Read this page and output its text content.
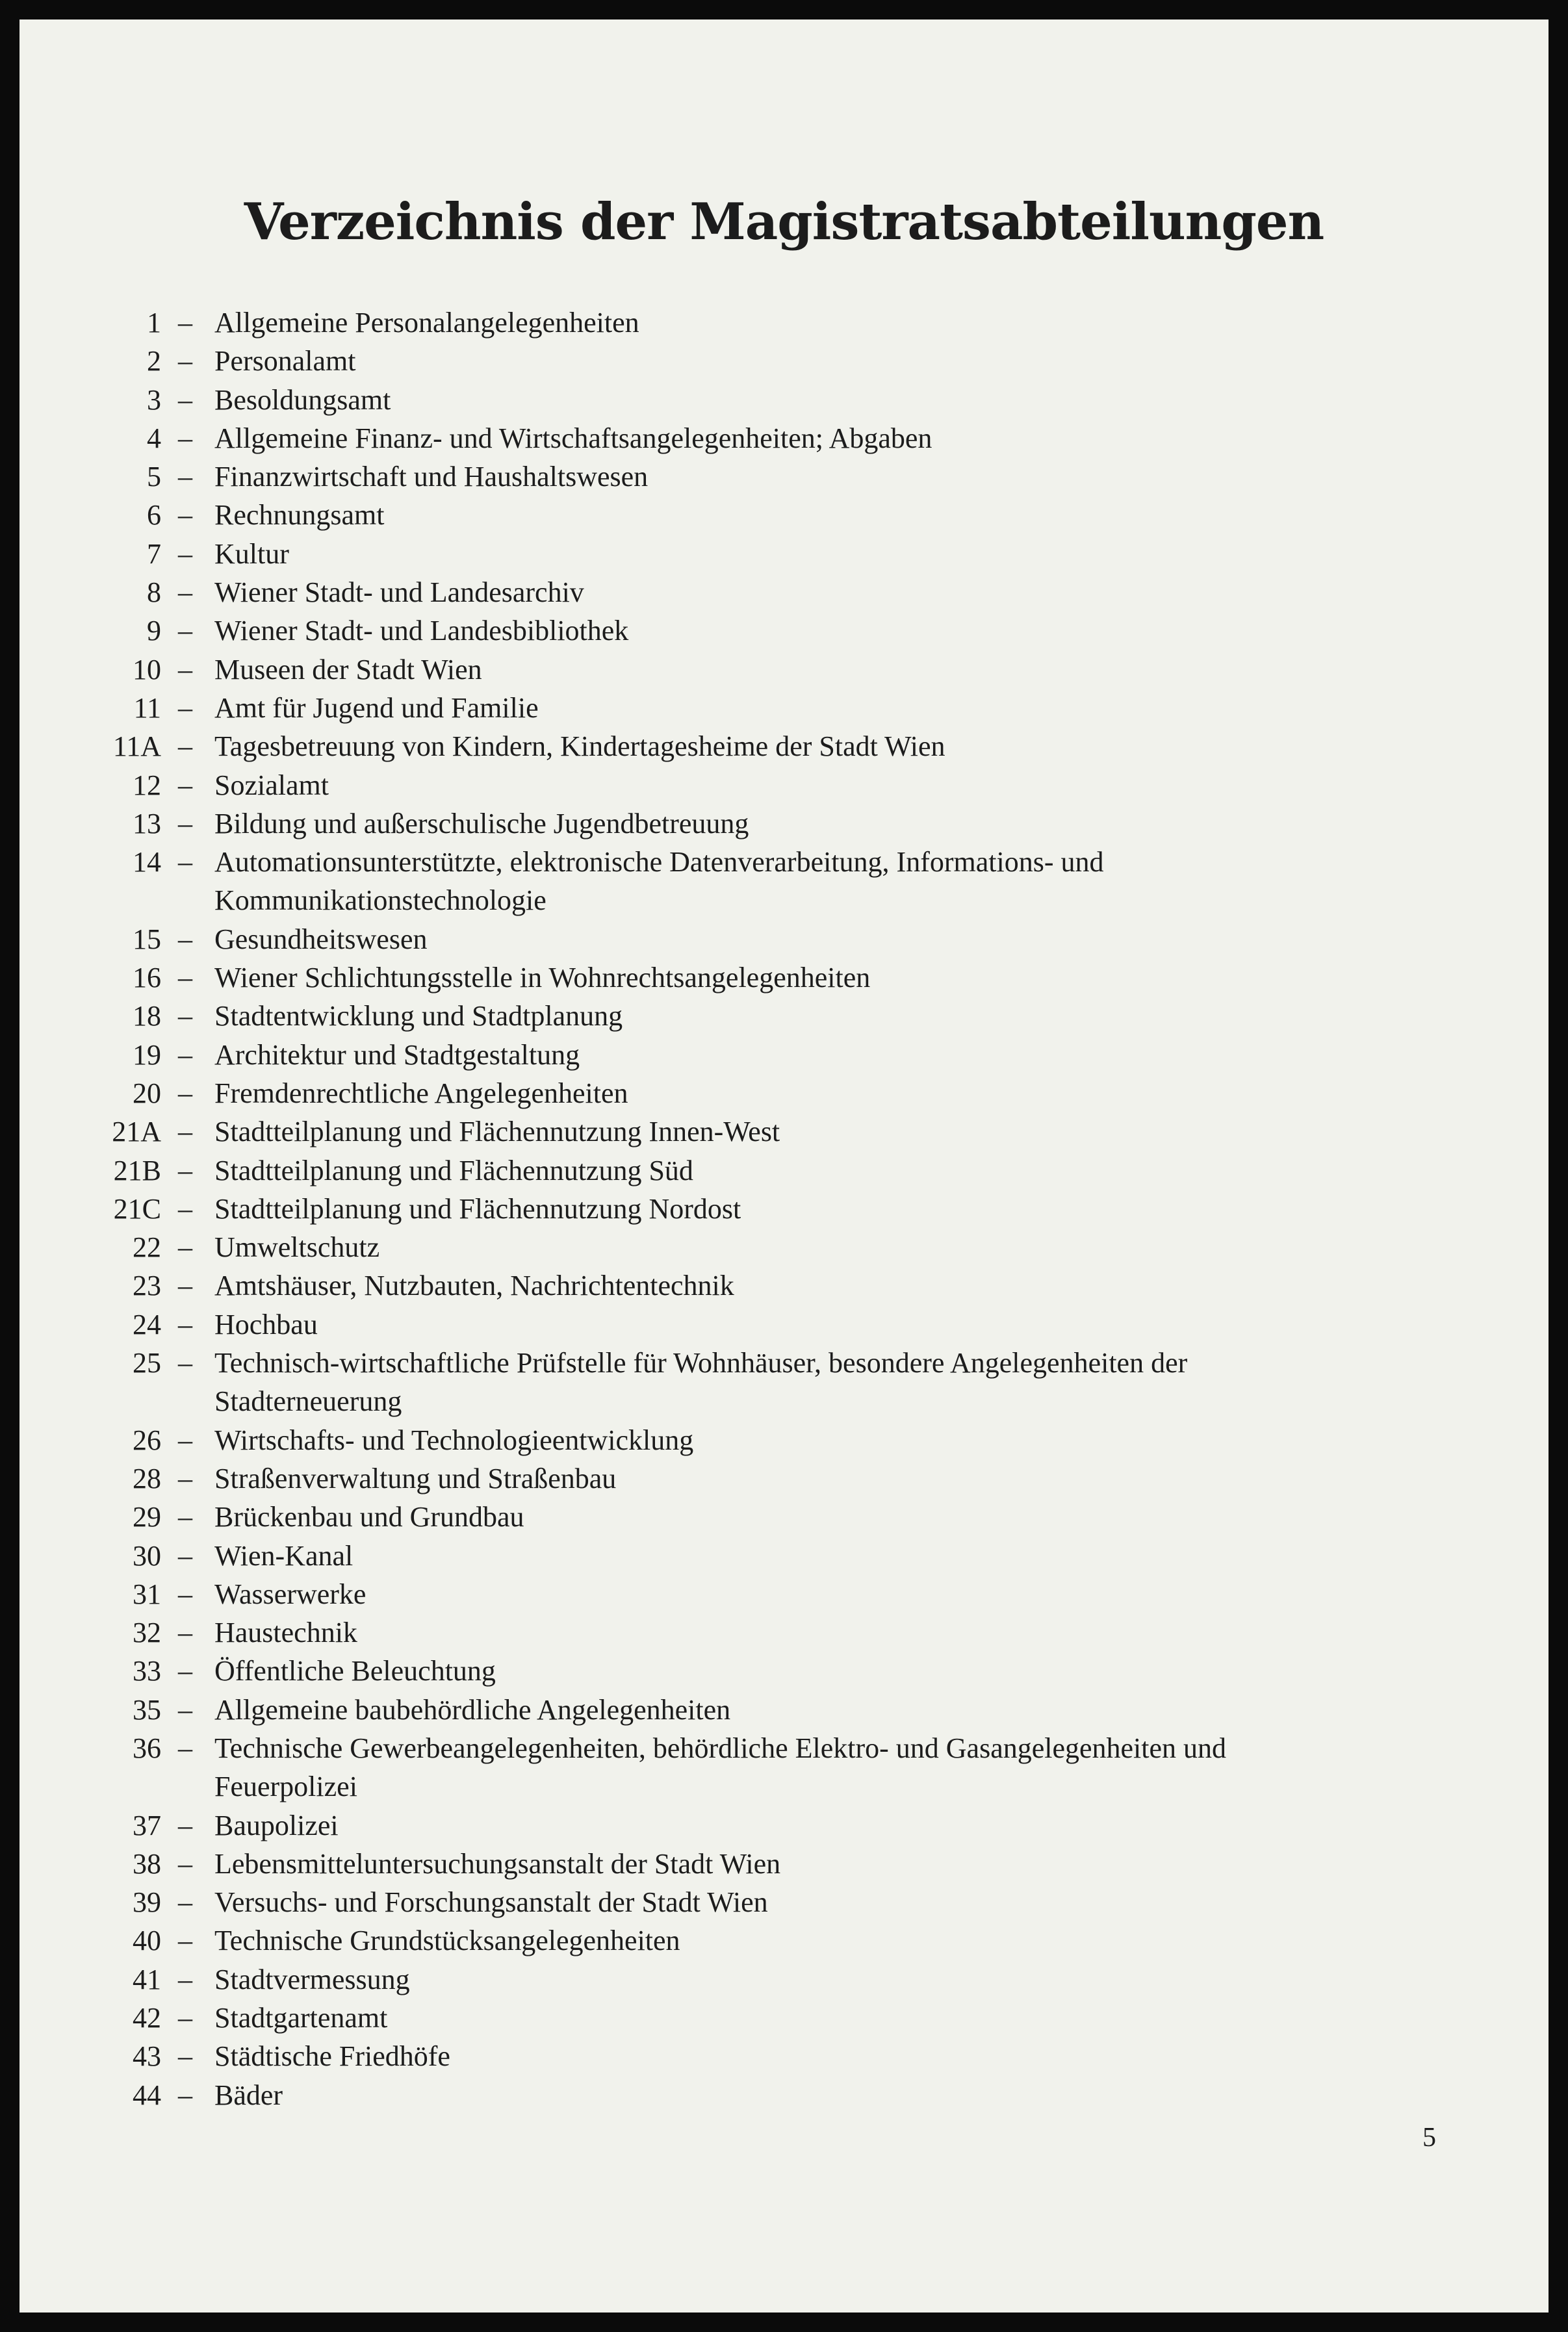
Verzeichnis der Magistratsabteilungen
1 – Allgemeine Personalangelegenheiten
2 – Personalamt
3 – Besoldungsamt
4 – Allgemeine Finanz- und Wirtschaftsangelegenheiten; Abgaben
5 – Finanzwirtschaft und Haushaltswesen
6 – Rechnungsamt
7 – Kultur
8 – Wiener Stadt- und Landesarchiv
9 – Wiener Stadt- und Landesbibliothek
10 – Museen der Stadt Wien
11 – Amt für Jugend und Familie
11A – Tagesbetreuung von Kindern, Kindertagesheime der Stadt Wien
12 – Sozialamt
13 – Bildung und außerschulische Jugendbetreuung
14 – Automationsunterstützte, elektronische Datenverarbeitung, Informations- und Kommunikationstechnologie
15 – Gesundheitswesen
16 – Wiener Schlichtungsstelle in Wohnrechtsangelegenheiten
18 – Stadtentwicklung und Stadtplanung
19 – Architektur und Stadtgestaltung
20 – Fremdenrechtliche Angelegenheiten
21A – Stadtteilplanung und Flächennutzung Innen-West
21B – Stadtteilplanung und Flächennutzung Süd
21C – Stadtteilplanung und Flächennutzung Nordost
22 – Umweltschutz
23 – Amtshäuser, Nutzbauten, Nachrichtentechnik
24 – Hochbau
25 – Technisch-wirtschaftliche Prüfstelle für Wohnhäuser, besondere Angelegenheiten der Stadterneuerung
26 – Wirtschafts- und Technologieentwicklung
28 – Straßenverwaltung und Straßenbau
29 – Brückenbau und Grundbau
30 – Wien-Kanal
31 – Wasserwerke
32 – Haustechnik
33 – Öffentliche Beleuchtung
35 – Allgemeine baubehördliche Angelegenheiten
36 – Technische Gewerbeangelegenheiten, behördliche Elektro- und Gasangelegenheiten und Feuerpolizei
37 – Baupolizei
38 – Lebensmitteluntersuchungsanstalt der Stadt Wien
39 – Versuchs- und Forschungsanstalt der Stadt Wien
40 – Technische Grundstücksangelegenheiten
41 – Stadtvermessung
42 – Stadtgartenamt
43 – Städtische Friedhöfe
44 – Bäder
5
